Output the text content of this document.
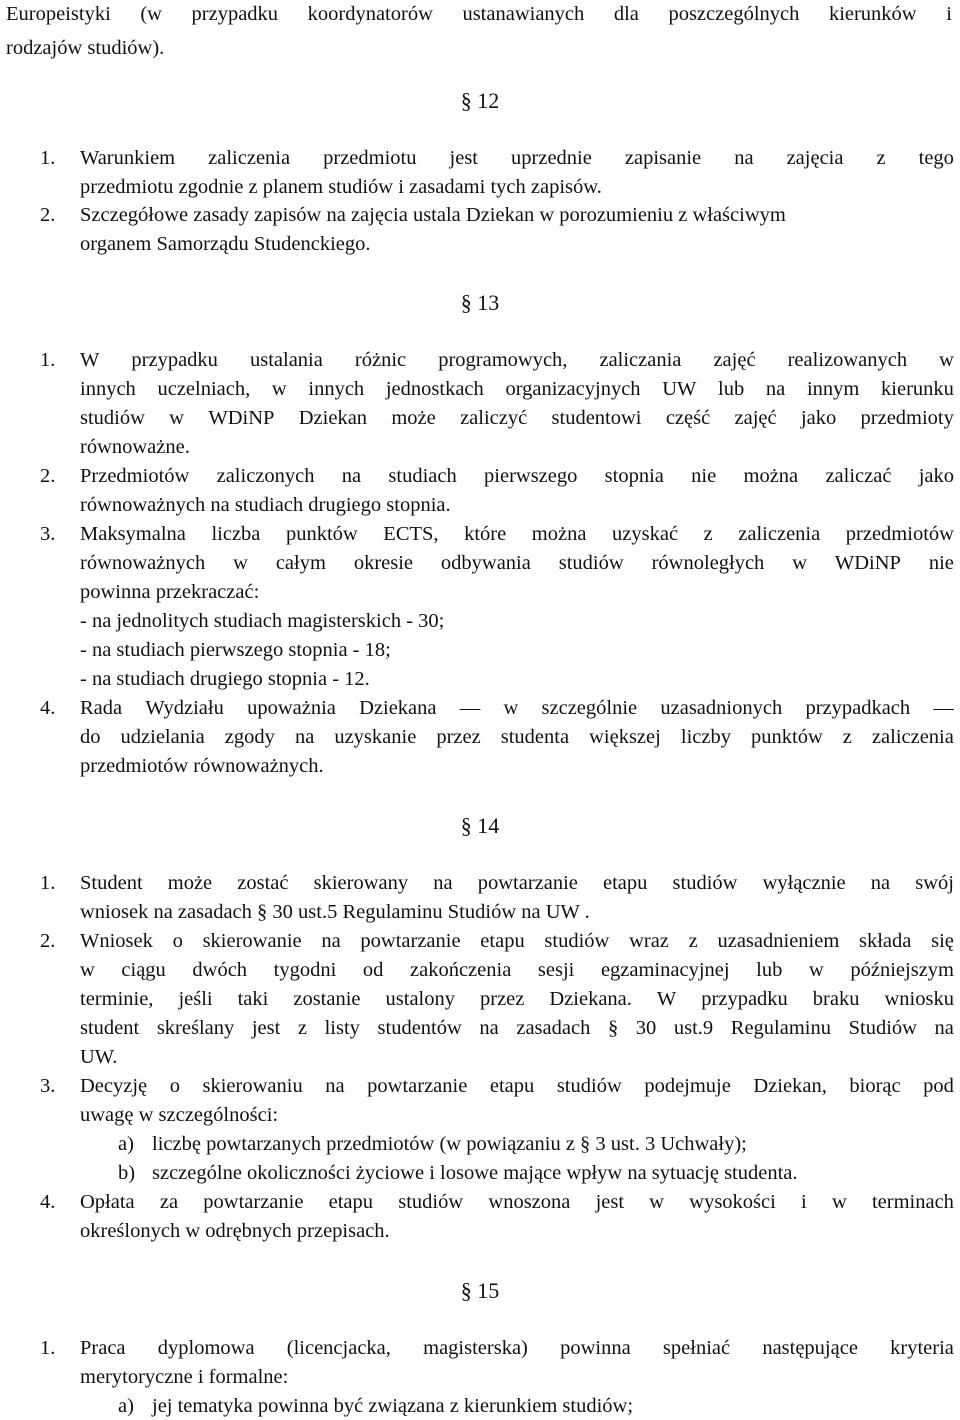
Europeistyki (w przypadku koordynatorów ustanawianych dla poszczególnych kierunków i
rodzajów studiów).
§ 12
1. Warunkiem zaliczenia przedmiotu jest uprzednie zapisanie na zajęcia z tego
przedmiotu zgodnie z planem studiów i zasadami tych zapisów.
2. Szczegółowe zasady zapisów na zajęcia ustala Dziekan w porozumieniu z właściwym
organem Samorządu Studenckiego.
§ 13
1. W przypadku ustalania różnic programowych, zaliczania zajęć realizowanych w
innych uczelniach, w innych jednostkach organizacyjnych UW lub na innym kierunku
studiów w WDiNP Dziekan może zaliczyć studentowi część zajęć jako przedmioty
równoważne.
2. Przedmiotów zaliczonych na studiach pierwszego stopnia nie można zaliczać jako
równoważnych na studiach drugiego stopnia.
3. Maksymalna liczba punktów ECTS, które można uzyskać z zaliczenia przedmiotów
równoważnych w całym okresie odbywania studiów równoległych w WDiNP nie
powinna przekraczać:
- na jednolitych studiach magisterskich - 30;
- na studiach pierwszego stopnia - 18;
- na studiach drugiego stopnia - 12.
4. Rada Wydziału upoważnia Dziekana — w szczególnie uzasadnionych przypadkach —
do udzielania zgody na uzyskanie przez studenta większej liczby punktów z zaliczenia
przedmiotów równoważnych.
§ 14
1. Student może zostać skierowany na powtarzanie etapu studiów wyłącznie na swój
wniosek na zasadach § 30 ust.5 Regulaminu Studiów na UW .
2. Wniosek o skierowanie na powtarzanie etapu studiów wraz z uzasadnieniem składa się
w ciągu dwóch tygodni od zakończenia sesji egzaminacyjnej lub w późniejszym
terminie, jeśli taki zostanie ustalony przez Dziekana. W przypadku braku wniosku
student skreślany jest z listy studentów na zasadach § 30 ust.9 Regulaminu Studiów na
UW.
3. Decyzję o skierowaniu na powtarzanie etapu studiów podejmuje Dziekan, biorąc pod
uwagę w szczególności:
a) liczbę powtarzanych przedmiotów (w powiązaniu z § 3 ust. 3 Uchwały);
b) szczególne okoliczności życiowe i losowe mające wpływ na sytuację studenta.
4. Opłata za powtarzanie etapu studiów wnoszona jest w wysokości i w terminach
określonych w odrębnych przepisach.
§ 15
1. Praca dyplomowa (licencjacka, magisterska) powinna spełniać następujące kryteria
merytoryczne i formalne:
a) jej tematyka powinna być związana z kierunkiem studiów;
